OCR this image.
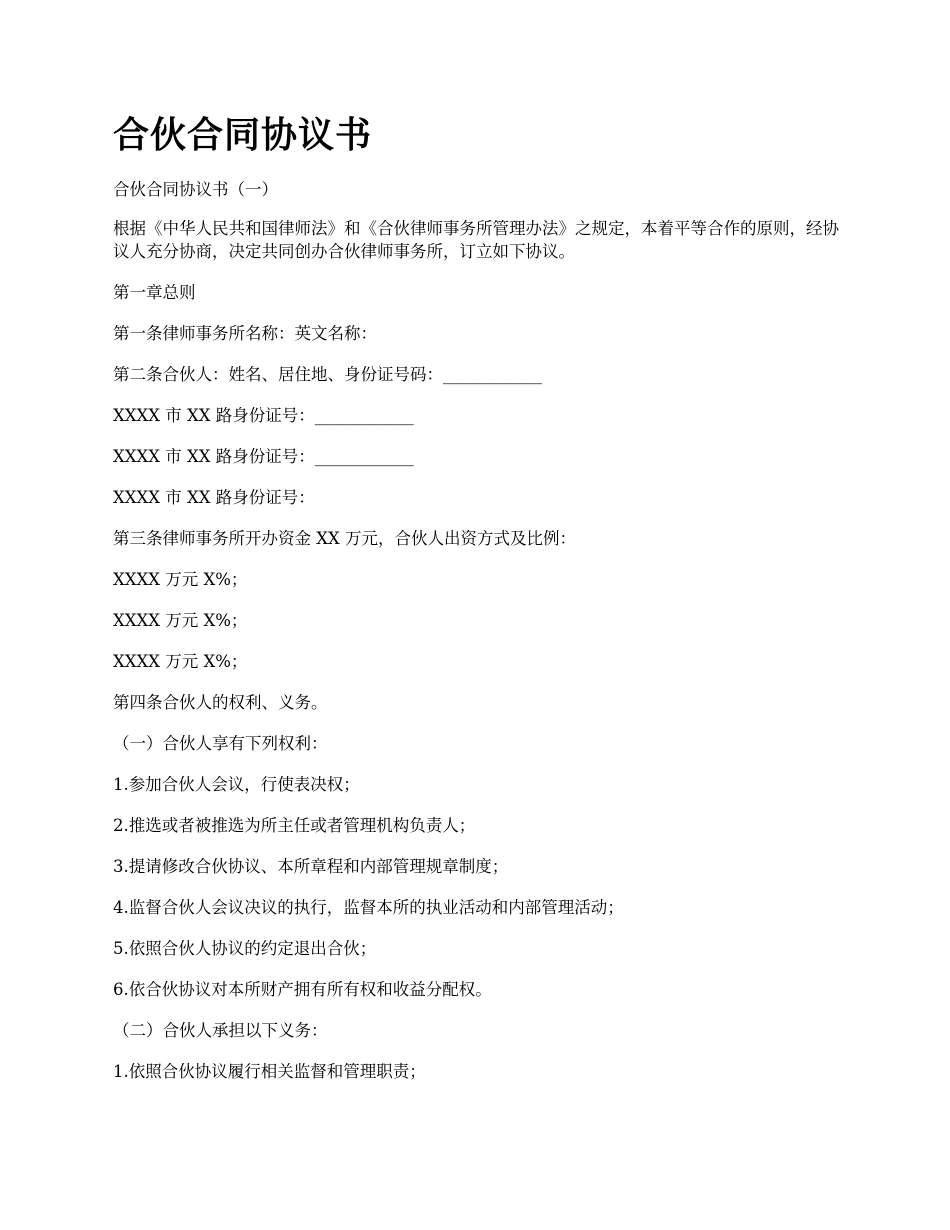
合伙合同协议书

合伙合同协议书（一）

根据《中华人民共和国律师法》和《合伙律师事务所管理办法》之规定，本着平等合作的原则，经协议人充分协商，决定共同创办合伙律师事务所，订立如下协议。

第一章总则

第一条律师事务所名称：英文名称：

第二条合伙人：姓名、居住地、身份证号码：____________

XXXX 市 XX 路身份证号：____________

XXXX 市 XX 路身份证号：____________

XXXX 市 XX 路身份证号：

第三条律师事务所开办资金 XX 万元，合伙人出资方式及比例：

XXXX 万元 X%；

XXXX 万元 X%；

XXXX 万元 X%；

第四条合伙人的权利、义务。

（一）合伙人享有下列权利：

1.参加合伙人会议，行使表决权；

2.推选或者被推选为所主任或者管理机构负责人；

3.提请修改合伙协议、本所章程和内部管理规章制度；

4.监督合伙人会议决议的执行，监督本所的执业活动和内部管理活动；

5.依照合伙人协议的约定退出合伙；

6.依合伙协议对本所财产拥有所有权和收益分配权。

（二）合伙人承担以下义务：

1.依照合伙协议履行相关监督和管理职责；
